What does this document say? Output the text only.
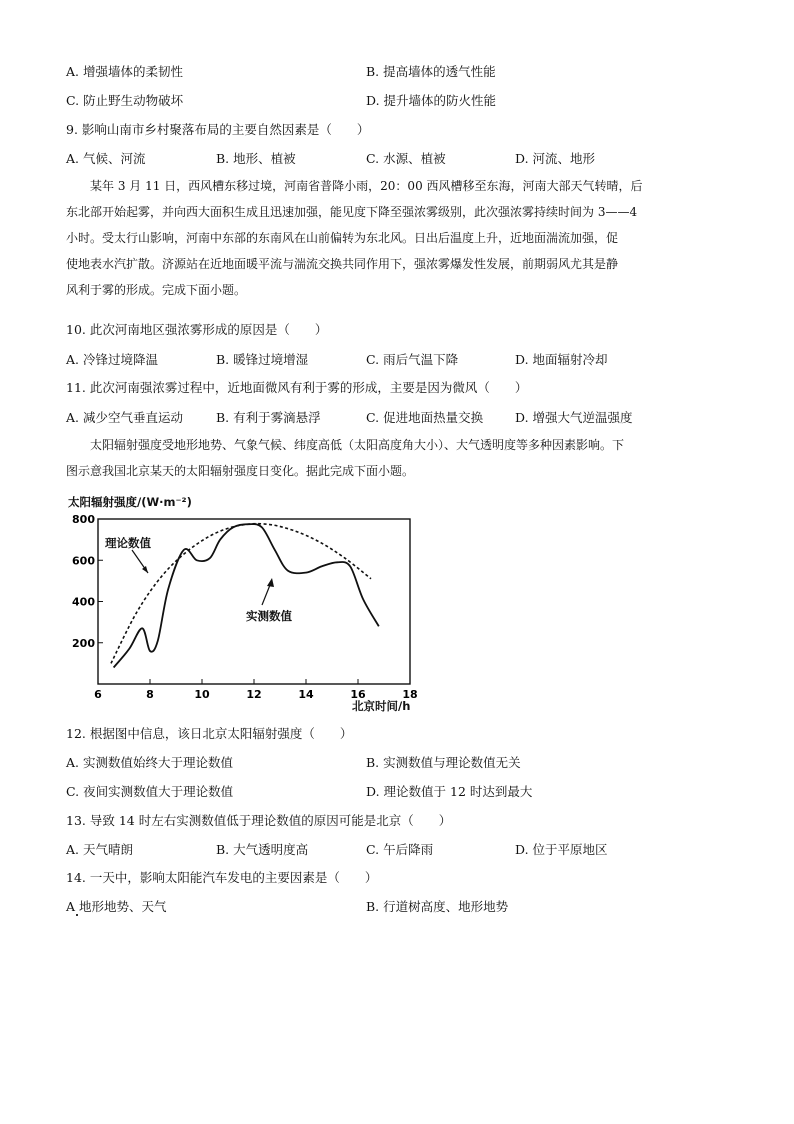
A. 增强墙体的柔韧性	B. 提高墙体的透气性能
C. 防止野生动物破坏	D. 提升墙体的防火性能
9. 影响山南市乡村聚落布局的主要自然因素是（　　）
A. 气候、河流	B. 地形、植被	C. 水源、植被	D. 河流、地形
某年 3 月 11 日，西风槽东移过境，河南省普降小雨，20：00 西风槽移至东海，河南大部天气转晴，后
东北部开始起雾，并向西大面积生成且迅速加强，能见度下降至强浓雾级别，此次强浓雾持续时间为 3——4
小时。受太行山影响，河南中东部的东南风在山前偏转为东北风。日出后温度上升，近地面湍流加强，促
使地表水汽扩散。济源站在近地面暖平流与湍流交换共同作用下，强浓雾爆发性发展，前期弱风尤其是静
风利于雾的形成。完成下面小题。
10. 此次河南地区强浓雾形成的原因是（　　）
A. 冷锋过境降温	B. 暖锋过境增湿	C. 雨后气温下降	D. 地面辐射冷却
11. 此次河南强浓雾过程中，近地面微风有利于雾的形成，主要是因为微风（　　）
A. 减少空气垂直运动	B. 有利于雾滴悬浮	C. 促进地面热量交换	D. 增强大气逆温强度
太阳辐射强度受地形地势、气象气候、纬度高低（太阳高度角大小）、大气透明度等多种因素影响。下
图示意我国北京某天的太阳辐射强度日变化。据此完成下面小题。
太阳辐射强度/(W·m⁻²)
200
400
600
800
6	8	10	12	14	16	18
理论数值
实测数值
北京时间/h
12. 根据图中信息，该日北京太阳辐射强度（　　）
A. 实测数值始终大于理论数值	B. 实测数值与理论数值无关
C. 夜间实测数值大于理论数值	D. 理论数值于 12 时达到最大
13. 导致 14 时左右实测数值低于理论数值的原因可能是北京（　　）
A. 天气晴朗	B. 大气透明度高	C. 午后降雨	D. 位于平原地区
14. 一天中，影响太阳能汽车发电的主要因素是（　　）
A 地形地势、天气	B. 行道树高度、地形地势
